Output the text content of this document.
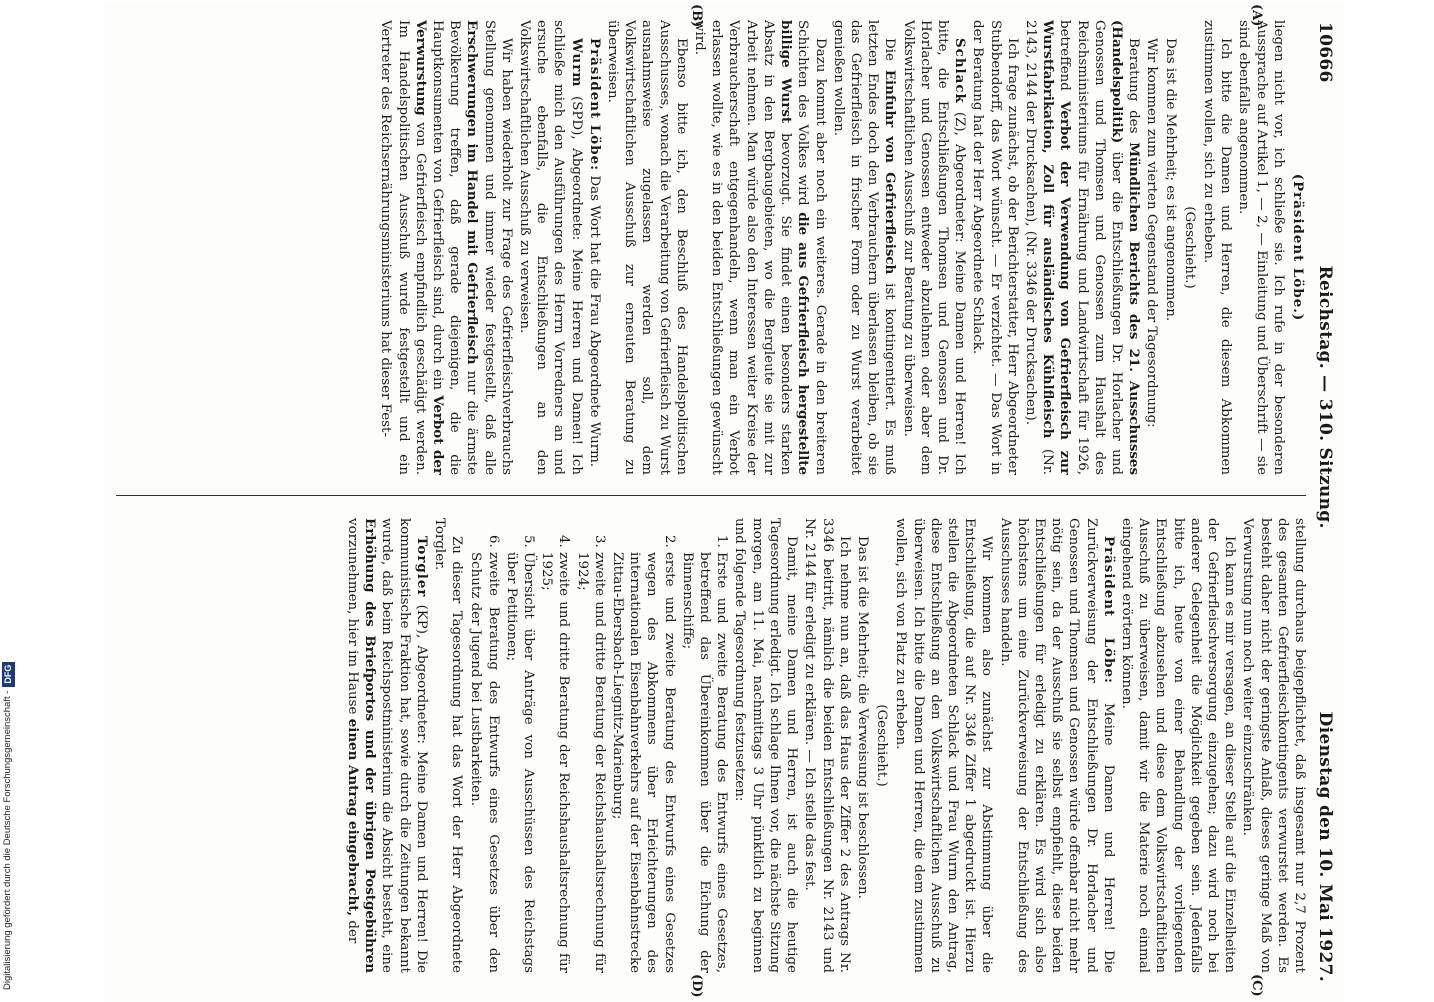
Digitalisierung gefördert durch die Deutsche Forschungsgemeinschaft -
DFG
10666
Reichstag. — 310. Sitzung.
Dienstag den 10. Mai 1927.
(A)
(B)
(C)
(D)

(Präsident Löbe.)

liegen nicht vor, ich schließe sie. Ich rufe in der besonderen Aussprache auf Artikel 1, — 2, — Einleitung und Überschrift — sie sind ebenfalls angenommen.

Ich bitte die Damen und Herren, die diesem Abkommen zustimmen wollen, sich zu erheben.

(Geschieht.)

Das ist die Mehrheit; es ist angenommen.

Wir kommen zum vierten Gegenstand der Tagesordnung:

Beratung des Mündlichen Berichts des 21. Ausschusses (Handelspolitik) über die Entschließungen Dr. Horlacher und Genossen und Thomsen und Genossen zum Haushalt des Reichsministeriums für Ernährung und Landwirtschaft für 1926, betreffend Verbot der Verwendung von Gefrierfleisch zur Wurstfabrikation, Zoll für ausländisches Kühlfleisch (Nr. 2143, 2144 der Drucksachen), (Nr. 3346 der Drucksachen).

Ich frage zunächst, ob der Berichterstatter, Herr Abgeordneter Stubbendorff, das Wort wünscht. — Er verzichtet. — Das Wort in der Beratung hat der Herr Abgeordnete Schlack.

Schlack (Z), Abgeordneter: Meine Damen und Herren! Ich bitte, die Entschließungen Thomsen und Genossen und Dr. Horlacher und Genossen entweder abzulehnen oder aber dem Volkswirtschaftlichen Ausschuß zur Beratung zu überweisen.

Die Einfuhr von Gefrierfleisch ist kontingentiert. Es muß letzten Endes doch den Verbrauchern überlassen bleiben, ob sie das Gefrierfleisch in frischer Form oder zu Wurst verarbeitet genießen wollen.

Dazu kommt aber noch ein weiteres. Gerade in den breiteren Schichten des Volkes wird die aus Gefrierfleisch hergestellte billige Wurst bevorzugt. Sie findet einen besonders starken Absatz in den Bergbaugebieten, wo die Bergleute sie mit zur Arbeit nehmen. Man würde also den Interessen weiter Kreise der Verbraucherschaft entgegenhandeln, wenn man ein Verbot erlassen wollte, wie es in den beiden Entschließungen gewünscht wird.

Ebenso bitte ich, den Beschluß des Handelspolitischen Ausschusses, wonach die Verarbeitung von Gefrierfleisch zu Wurst ausnahmsweise zugelassen werden soll, dem Volkswirtschaftlichen Ausschuß zur erneuten Beratung zu überweisen.

Präsident Löbe: Das Wort hat die Frau Abgeordnete Wurm.

Wurm (SPD), Abgeordnete: Meine Herren und Damen! Ich schließe mich den Ausführungen des Herrn Vorredners an und ersuche ebenfalls, die Entschließungen an den Volkswirtschaftlichen Ausschuß zu verweisen.

Wir haben wiederholt zur Frage des Gefrierfleischverbrauchs Stellung genommen und immer wieder festgestellt, daß alle Erschwerungen im Handel mit Gefrierfleisch nur die ärmste Bevölkerung treffen, daß gerade diejenigen, die die Hauptkonsumenten von Gefrierfleisch sind, durch ein Verbot der Verwurstung von Gefrierfleisch empfindlich geschädigt werden. Im Handelspolitischen Ausschuß wurde festgestellt und ein Vertreter des Reichsernährungsministeriums hat dieser Fest-

stellung durchaus beigepflichtet, daß insgesamt nur 2,7 Prozent des gesamten Gefrierfleischkontingents verwurstet werden. Es besteht daher nicht der geringste Anlaß, dieses geringe Maß von Verwurstung nun noch weiter einzuschränken.

Ich kann es mir versagen, an dieser Stelle auf die Einzelheiten der Gefrierfleischversorgung einzugehen; dazu wird noch bei anderer Gelegenheit die Möglichkeit gegeben sein. Jedenfalls bitte ich, heute von einer Behandlung der vorliegenden Entschließung abzusehen und diese dem Volkswirtschaftlichen Ausschuß zu überweisen, damit wir die Materie noch einmal eingehend erörtern können.

Präsident Löbe: Meine Damen und Herren! Die Zurückverweisung der Entschließungen Dr. Horlacher und Genossen und Thomsen und Genossen würde offenbar nicht mehr nötig sein, da der Ausschuß sie selbst empfiehlt, diese beiden Entschließungen für erledigt zu erklären. Es wird sich also höchstens um eine Zurückverweisung der Entschließung des Ausschusses handeln.

Wir kommen also zunächst zur Abstimmung über die Entschließung, die auf Nr. 3346 Ziffer 1 abgedruckt ist. Hierzu stellen die Abgeordneten Schlack und Frau Wurm den Antrag, diese Entschließung an den Volkswirtschaftlichen Ausschuß zu überweisen. Ich bitte die Damen und Herren, die dem zustimmen wollen, sich von Platz zu erheben.

(Geschieht.)

Das ist die Mehrheit; die Verweisung ist beschlossen.

Ich nehme nun an, daß das Haus der Ziffer 2 des Antrags Nr. 3346 beitritt, nämlich die beiden Entschließungen Nr. 2143 und Nr. 2144 für erledigt zu erklären. — Ich stelle das fest.

Damit, meine Damen und Herren, ist auch die heutige Tagesordnung erledigt. Ich schlage Ihnen vor, die nächste Sitzung morgen, am 11. Mai, nachmittags 3 Uhr pünktlich zu beginnen und folgende Tagesordnung festzusetzen:

1. Erste und zweite Beratung des Entwurfs eines Gesetzes, betreffend das Übereinkommen über die Eichung der Binnenschiffe;
2. erste und zweite Beratung des Entwurfs eines Gesetzes wegen des Abkommens über Erleichterungen des internationalen Eisenbahnverkehrs auf der Eisenbahnstrecke Zittau-Ebersbach-Liegnitz-Marienburg;
3. zweite und dritte Beratung der Reichshaushaltsrechnung für 1924;
4. zweite und dritte Beratung der Reichshaushaltsrechnung für 1925;
5. Übersicht über Anträge von Ausschüssen des Reichstags über Petitionen;
6. zweite Beratung des Entwurfs eines Gesetzes über den Schutz der Jugend bei Lustbarkeiten.

Zu dieser Tagesordnung hat das Wort der Herr Abgeordnete Torgler.

Torgler (KP), Abgeordneter: Meine Damen und Herren! Die kommunistische Fraktion hat, sowie durch die Zeitungen bekannt wurde, daß beim Reichspostministerium die Absicht besteht, eine Erhöhung des Briefportos und der übrigen Postgebühren vorzunehmen, hier im Hause einen Antrag eingebracht, der
